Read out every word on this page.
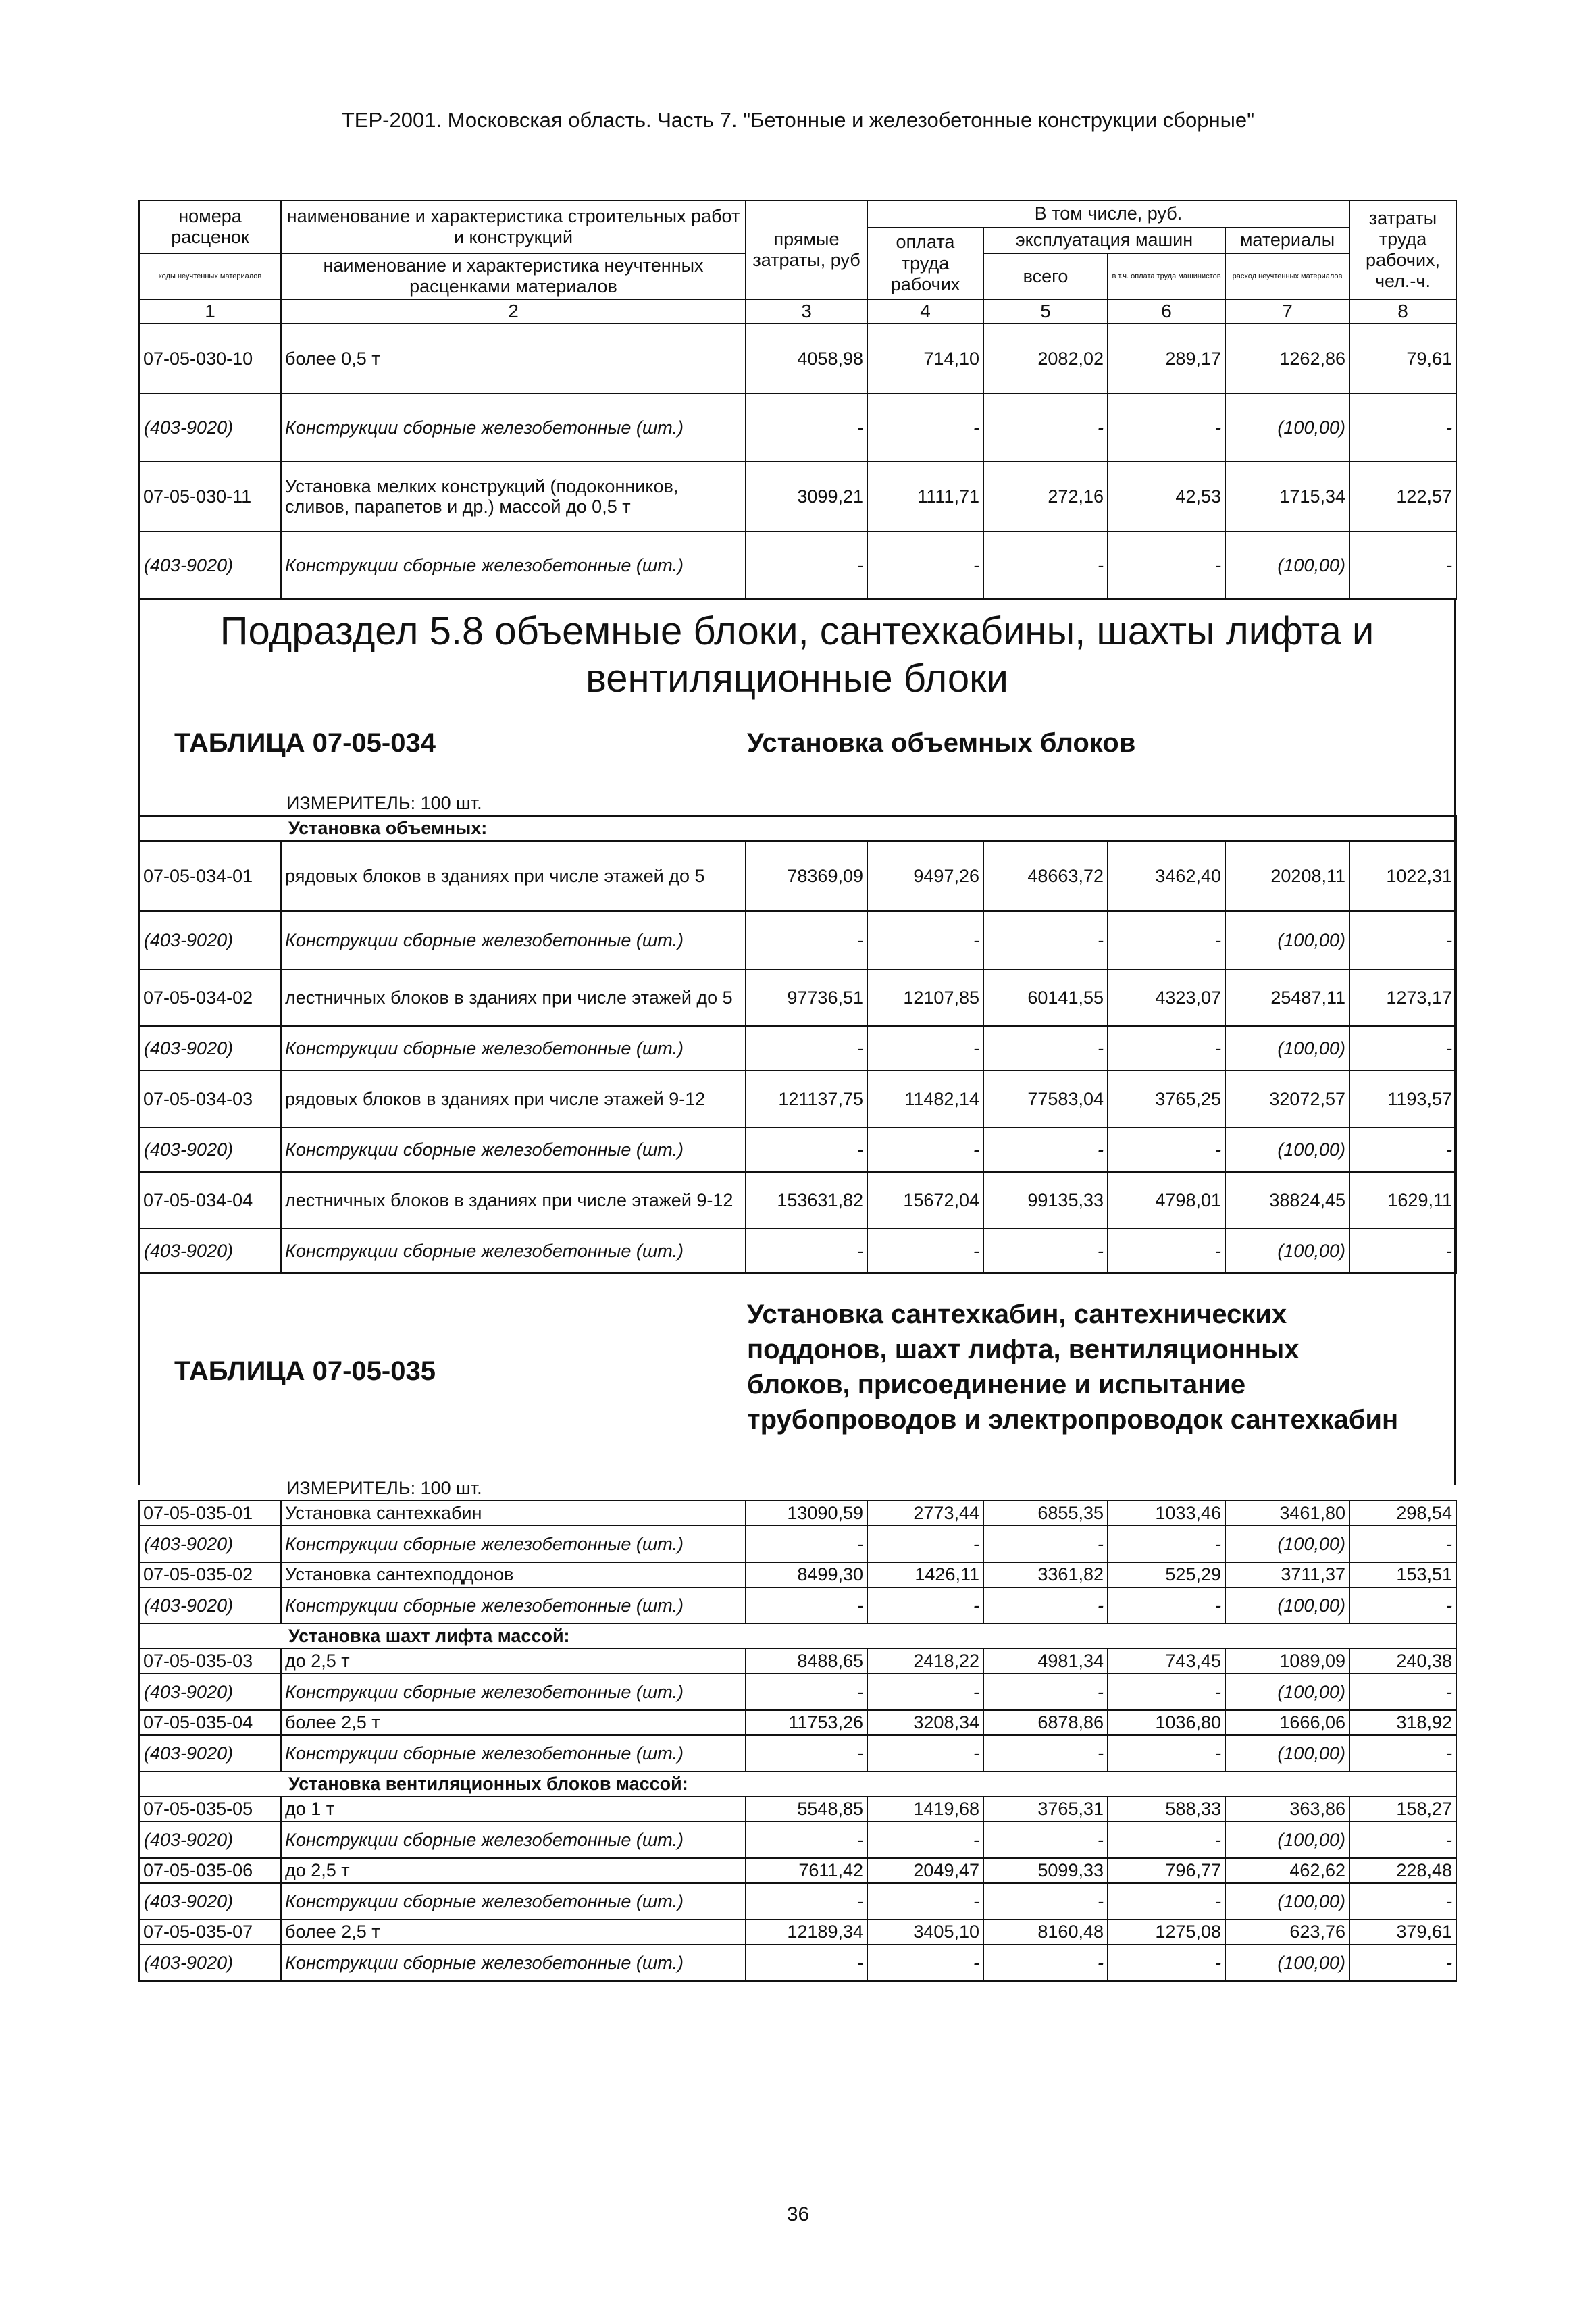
ТЕР-2001. Московская область. Часть 7. "Бетонные и железобетонные конструкции сборные"
номера расценок	наименование и характеристика строительных работ и конструкций	прямые затраты, руб	В том числе, руб.				затраты труда рабочих, чел.-ч.
			оплата труда рабочих	эксплуатация машин		материалы	
коды неучтенных материалов	наименование и характеристика неучтенных расценками материалов			всего	в т.ч. оплата труда машинистов	расход неучтенных материалов	

1	2	3	4	5	6	7	8
07-05-030-10	более 0,5 т	4058,98	714,10	2082,02	289,17	1262,86	79,61
(403-9020)	Конструкции сборные железобетонные (шт.)	-	-	-	-	(100,00)	-
07-05-030-11	Установка мелких конструкций (подоконников, сливов, парапетов и др.) массой до 0,5 т	3099,21	1111,71	272,16	42,53	1715,34	122,57
(403-9020)	Конструкции сборные железобетонные (шт.)	-	-	-	-	(100,00)	-
Подраздел 5.8 объемные блоки, сантехкабины, шахты лифта и вентиляционные блоки
ТАБЛИЦА 07-05-034	Установка объемных блоков
ИЗМЕРИТЕЛЬ: 100 шт.							
Установка объемных:							
07-05-034-01	рядовых блоков в зданиях при числе этажей до 5	78369,09	9497,26	48663,72	3462,40	20208,11	1022,31
(403-9020)	Конструкции сборные железобетонные (шт.)	-	-	-	-	(100,00)	-
07-05-034-02	лестничных блоков в зданиях при числе этажей до 5	97736,51	12107,85	60141,55	4323,07	25487,11	1273,17
(403-9020)	Конструкции сборные железобетонные (шт.)	-	-	-	-	(100,00)	-
07-05-034-03	рядовых блоков в зданиях при числе этажей 9-12	121137,75	11482,14	77583,04	3765,25	32072,57	1193,57
(403-9020)	Конструкции сборные железобетонные (шт.)	-	-	-	-	(100,00)	-
07-05-034-04	лестничных блоков в зданиях при числе этажей 9-12	153631,82	15672,04	99135,33	4798,01	38824,45	1629,11
(403-9020)	Конструкции сборные железобетонные (шт.)	-	-	-	-	(100,00)	-
ТАБЛИЦА 07-05-035
Установка сантехкабин, сантехнических
поддонов, шахт лифта, вентиляционных
блоков, присоединение и испытание
трубопроводов и электропроводок сантехкабин
ИЗМЕРИТЕЛЬ: 100 шт.							
07-05-035-01	Установка сантехкабин	13090,59	2773,44	6855,35	1033,46	3461,80	298,54
(403-9020)	Конструкции сборные железобетонные (шт.)	-	-	-	-	(100,00)	-
07-05-035-02	Установка сантехподдонов	8499,30	1426,11	3361,82	525,29	3711,37	153,51
(403-9020)	Конструкции сборные железобетонные (шт.)	-	-	-	-	(100,00)	-
Установка шахт лифта массой:							
07-05-035-03	до 2,5 т	8488,65	2418,22	4981,34	743,45	1089,09	240,38
(403-9020)	Конструкции сборные железобетонные (шт.)	-	-	-	-	(100,00)	-
07-05-035-04	более 2,5 т	11753,26	3208,34	6878,86	1036,80	1666,06	318,92
(403-9020)	Конструкции сборные железобетонные (шт.)	-	-	-	-	(100,00)	-
Установка вентиляционных блоков массой:							
07-05-035-05	до 1 т	5548,85	1419,68	3765,31	588,33	363,86	158,27
(403-9020)	Конструкции сборные железобетонные (шт.)	-	-	-	-	(100,00)	-
07-05-035-06	до 2,5 т	7611,42	2049,47	5099,33	796,77	462,62	228,48
(403-9020)	Конструкции сборные железобетонные (шт.)	-	-	-	-	(100,00)	-
07-05-035-07	более 2,5 т	12189,34	3405,10	8160,48	1275,08	623,76	379,61
(403-9020)	Конструкции сборные железобетонные (шт.)	-	-	-	-	(100,00)	-
36
